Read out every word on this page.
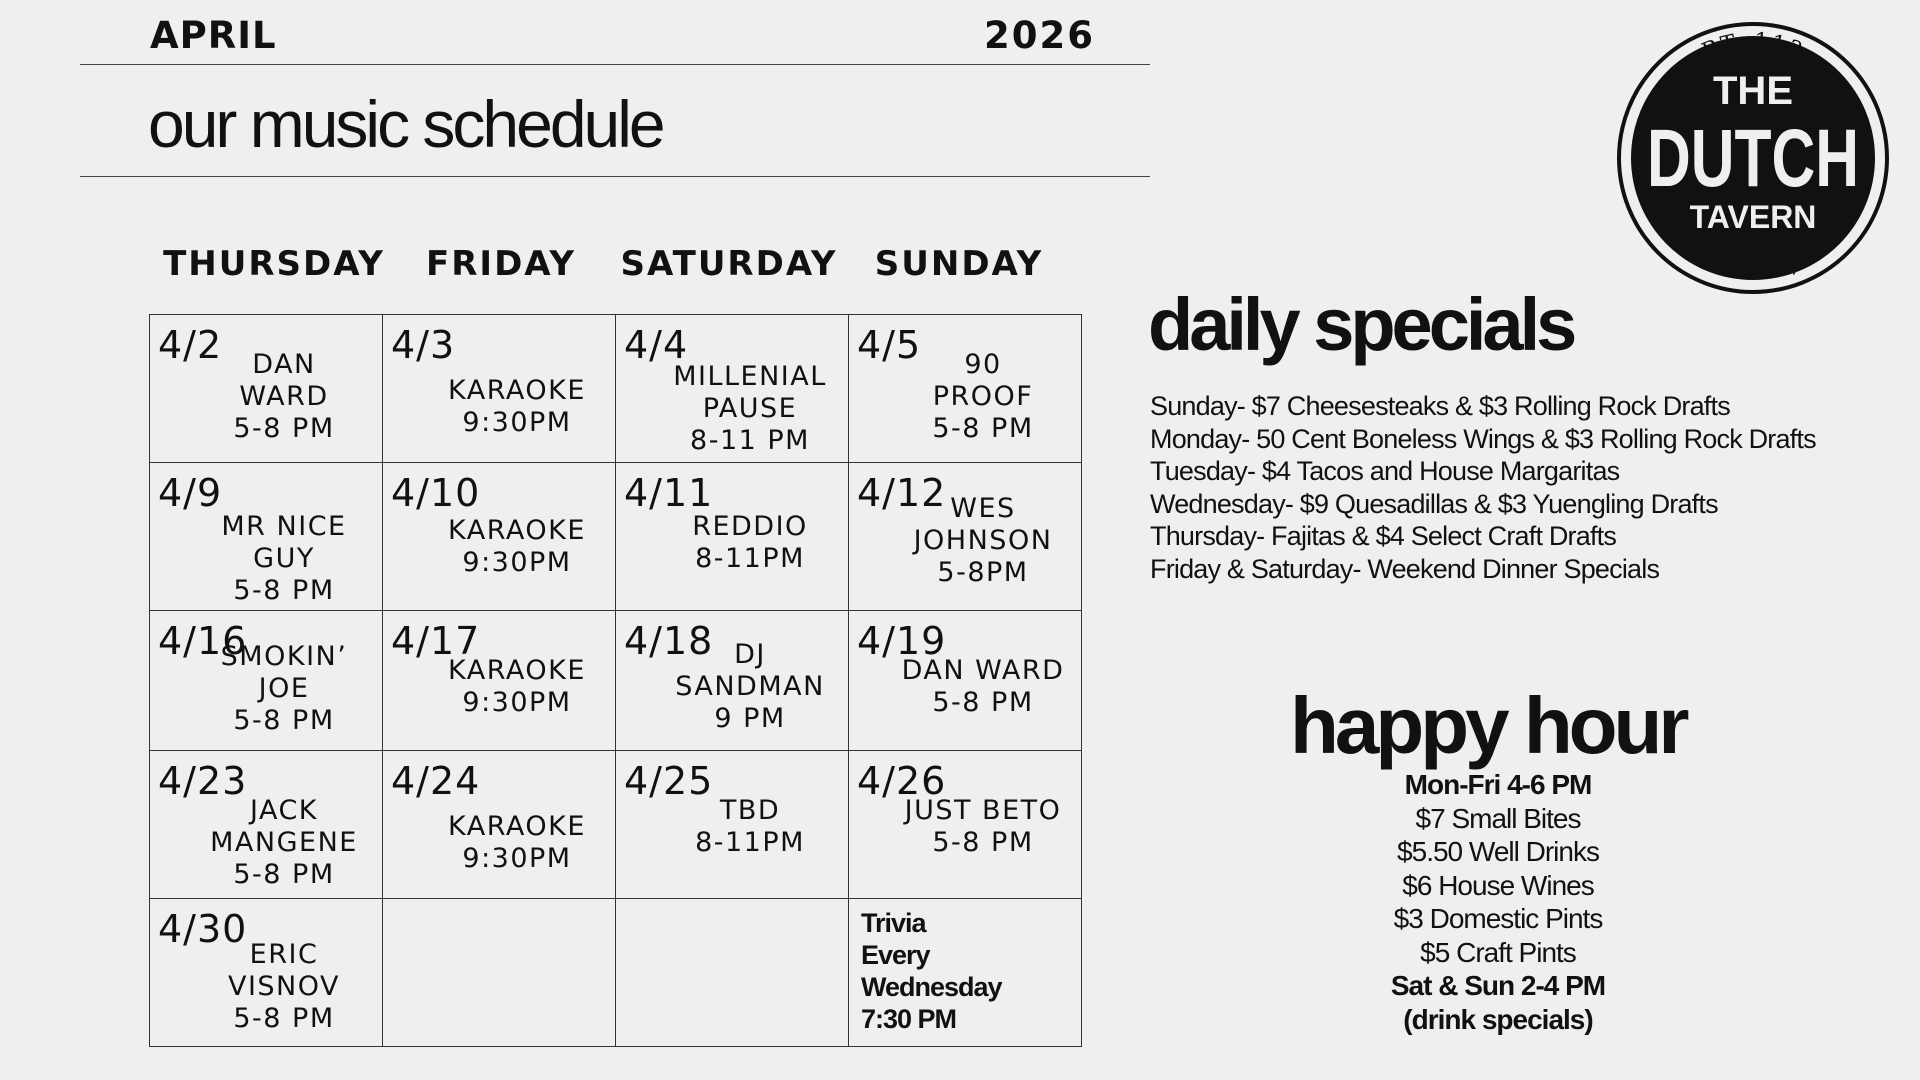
APRIL	2026
our music schedule
THURSDAY	FRIDAY	SATURDAY	SUNDAY
4/2 DAN
WARD
5-8 PM	4/3
KARAOKE
9:30PM	4/4
MILLENIAL
PAUSE
8-11 PM	4/5 90
PROOF
5-8 PM

4/9
MR NICE
GUY
5-8 PM	4/10
KARAOKE
9:30PM	4/11
REDDIO
8-11PM	4/12 WES
JOHNSON
5-8PM

4/16
SMOKIN’
JOE
5-8 PM	4/17
KARAOKE
9:30PM	4/18 DJ
SANDMAN
9 PM	4/19
DAN WARD
5-8 PM

4/23
JACK
MANGENE
5-8 PM	4/24
KARAOKE
9:30PM	4/25
TBD
8-11PM	4/26
JUST BETO
5-8 PM

4/30
ERIC
VISNOV
5-8 PM			Trivia
Every
Wednesday
7:30 PM
RT. 113
SKIPPACK, PA
THE
DUTCH
TAVERN
daily specials
Sunday- $7 Cheesesteaks & $3 Rolling Rock Drafts
Monday- 50 Cent Boneless Wings & $3 Rolling Rock Drafts
Tuesday- $4 Tacos and House Margaritas
Wednesday- $9 Quesadillas & $3 Yuengling Drafts
Thursday- Fajitas & $4 Select Craft Drafts
Friday & Saturday- Weekend Dinner Specials
happy hour
Mon-Fri 4-6 PM
$7 Small Bites
$5.50 Well Drinks
$6 House Wines
$3 Domestic Pints
$5 Craft Pints
Sat & Sun 2-4 PM
(drink specials)
